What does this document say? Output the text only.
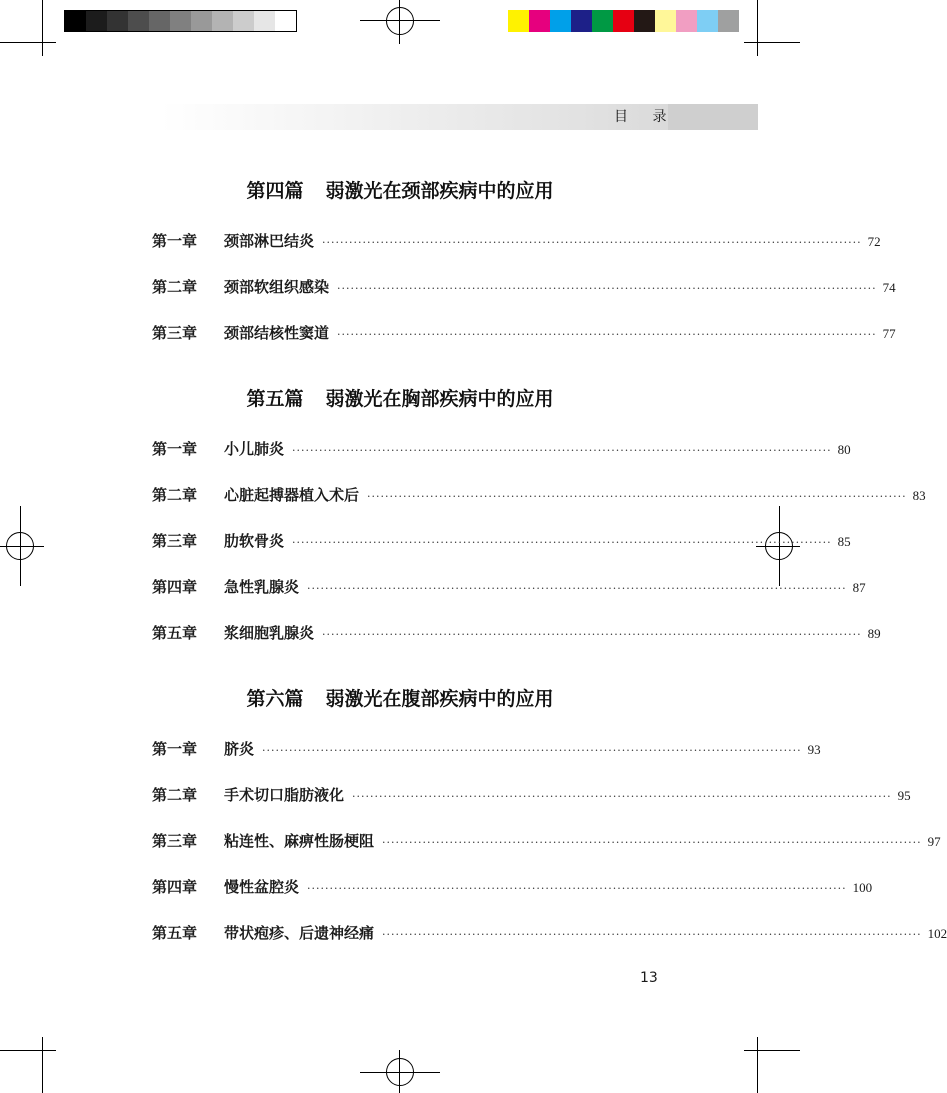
目 录
第四篇 弱激光在颈部疾病中的应用
第一章	颈部淋巴结炎 ························································································································ 72
第二章	颈部软组织感染 ························································································································ 74
第三章	颈部结核性窦道 ························································································································ 77
第五篇 弱激光在胸部疾病中的应用
第一章	小儿肺炎 ························································································································ 80
第二章	心脏起搏器植入术后 ························································································································ 83
第三章	肋软骨炎 ························································································································ 85
第四章	急性乳腺炎 ························································································································ 87
第五章	浆细胞乳腺炎 ························································································································ 89
第六篇 弱激光在腹部疾病中的应用
第一章	脐炎 ························································································································ 93
第二章	手术切口脂肪液化 ························································································································ 95
第三章	粘连性、麻痹性肠梗阻 ························································································································ 97
第四章	慢性盆腔炎 ························································································································ 100
第五章	带状疱疹、后遗神经痛 ························································································································ 102
13
